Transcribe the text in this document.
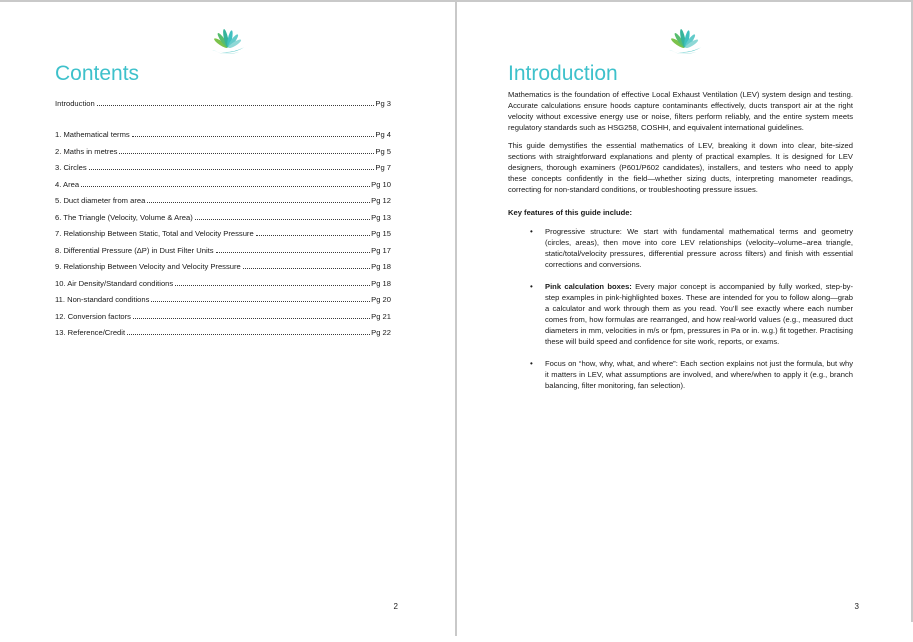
Contents
Introduction	Pg 3
1. Mathematical terms	Pg 4
2. Maths in metres	Pg 5
3. Circles	Pg 7
4. Area	Pg 10
5. Duct diameter from area	Pg 12
6. The Triangle (Velocity, Volume & Area)	Pg 13
7. Relationship Between Static, Total and Velocity Pressure	Pg 15
8. Differential Pressure (ΔP) in Dust Filter Units	Pg 17
9. Relationship Between Velocity and Velocity Pressure	Pg 18
10. Air Density/Standard conditions	Pg 18
11. Non-standard conditions	Pg 20
12. Conversion factors	Pg 21
13. Reference/Credit	Pg 22
2
Introduction

Mathematics is the foundation of effective Local Exhaust Ventilation (LEV) system design and testing. Accurate calculations ensure hoods capture contaminants effectively, ducts transport air at the right velocity without excessive energy use or noise, filters perform reliably, and the entire system meets regulatory standards such as HSG258, COSHH, and equivalent international guidelines.

This guide demystifies the essential mathematics of LEV, breaking it down into clear, bite-sized sections with straightforward explanations and plenty of practical examples. It is designed for LEV designers, thorough examiners (P601/P602 candidates), installers, and testers who need to apply these concepts confidently in the field—whether sizing ducts, interpreting manometer readings, correcting for non-standard conditions, or troubleshooting pressure issues.

Key features of this guide include:

• Progressive structure: We start with fundamental mathematical terms and geometry (circles, areas), then move into core LEV relationships (velocity–volume–area triangle, static/total/velocity pressures, differential pressure across filters) and finish with essential corrections and conversions.
• Pink calculation boxes: Every major concept is accompanied by fully worked, step-by-step examples in pink-highlighted boxes. These are intended for you to follow along—grab a calculator and work through them as you read. You’ll see exactly where each number comes from, how formulas are rearranged, and how real-world values (e.g., measured duct diameters in mm, velocities in m/s or fpm, pressures in Pa or in. w.g.) fit together. Practising these will build speed and confidence for site work, reports, or exams.
• Focus on “how, why, what, and where”: Each section explains not just the formula, but why it matters in LEV, what assumptions are involved, and where/when to apply it (e.g., branch balancing, filter monitoring, fan selection).
3
